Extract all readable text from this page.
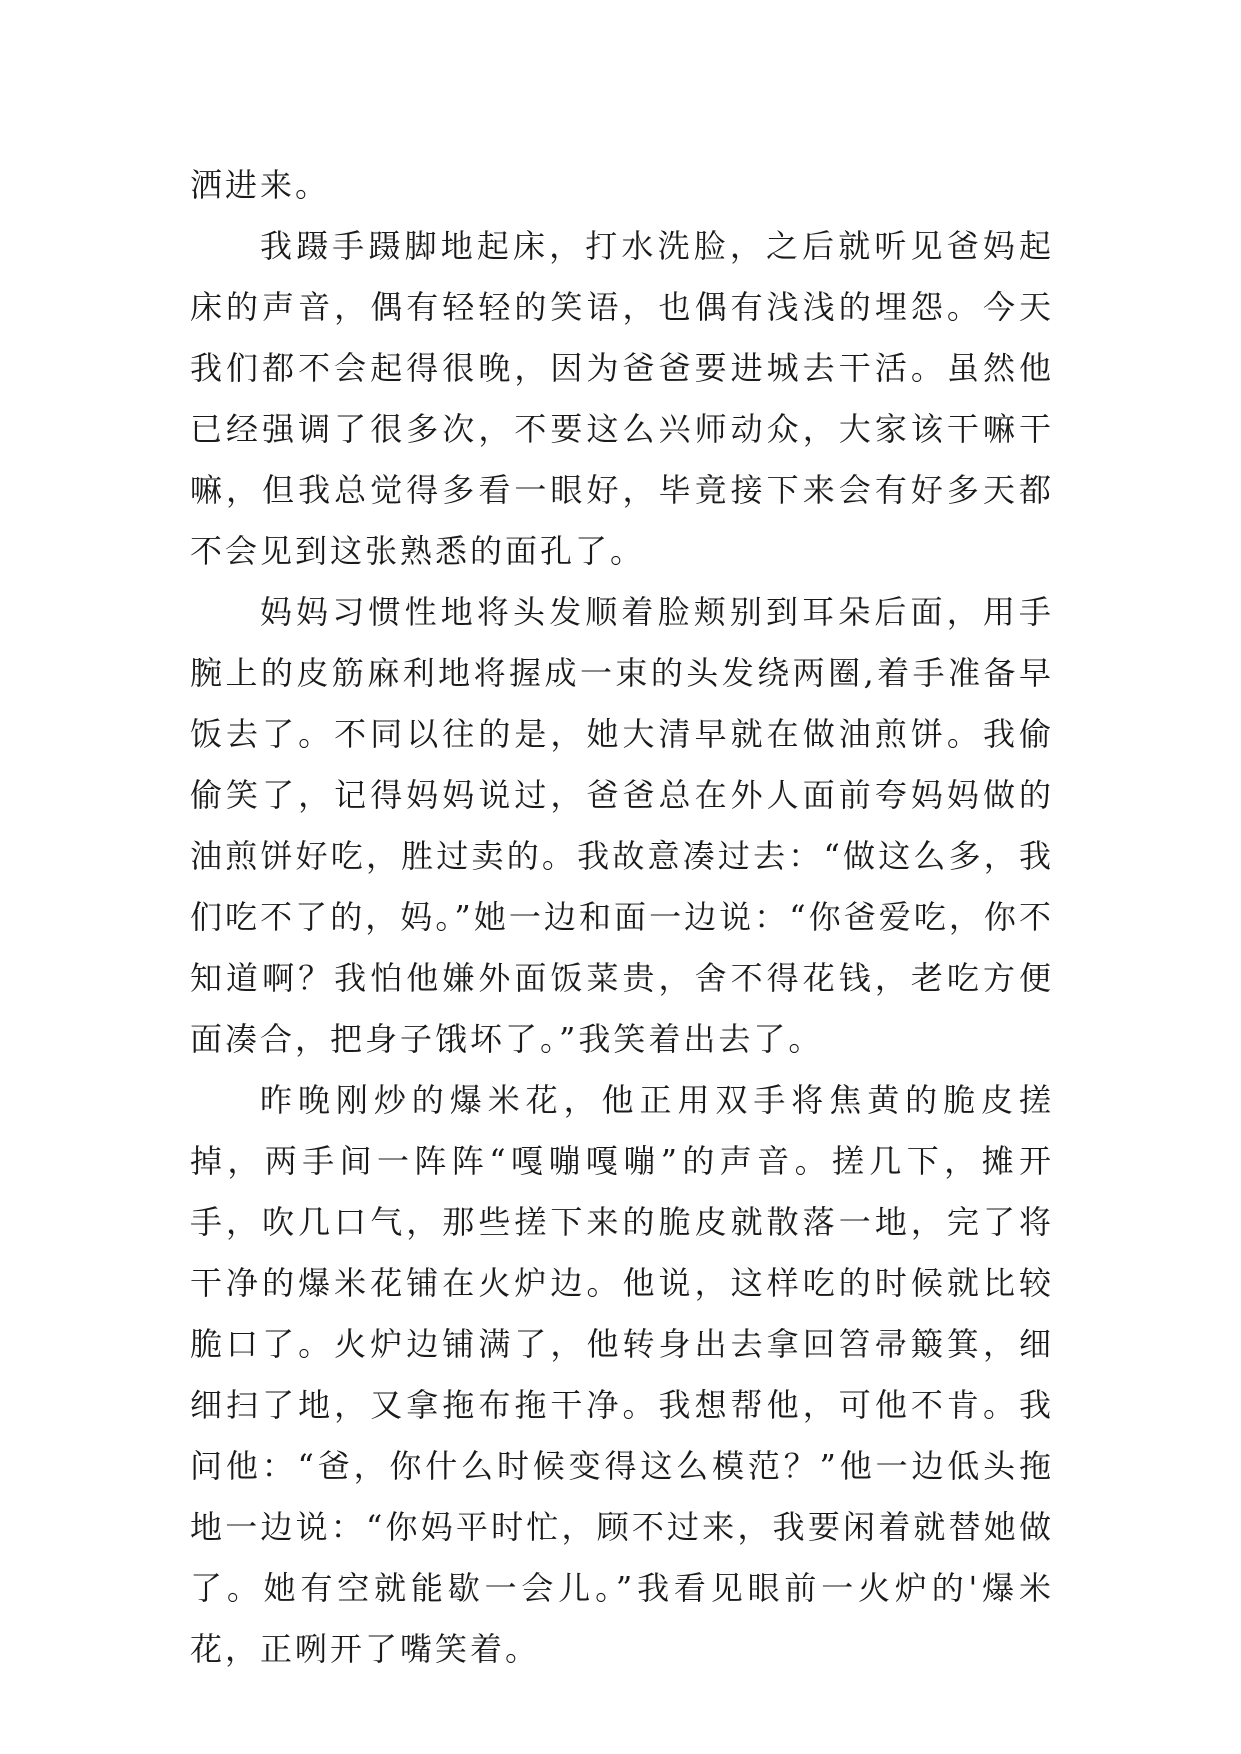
洒进来。

我蹑手蹑脚地起床，打水洗脸，之后就听见爸妈起床的声音，偶有轻轻的笑语，也偶有浅浅的埋怨。今天我们都不会起得很晚，因为爸爸要进城去干活。虽然他已经强调了很多次，不要这么兴师动众，大家该干嘛干嘛，但我总觉得多看一眼好，毕竟接下来会有好多天都不会见到这张熟悉的面孔了。

妈妈习惯性地将头发顺着脸颊别到耳朵后面，用手腕上的皮筋麻利地将握成一束的头发绕两圈,着手准备早饭去了。不同以往的是，她大清早就在做油煎饼。我偷偷笑了，记得妈妈说过，爸爸总在外人面前夸妈妈做的油煎饼好吃，胜过卖的。我故意凑过去：“做这么多，我们吃不了的，妈。”她一边和面一边说：“你爸爱吃，你不知道啊？我怕他嫌外面饭菜贵，舍不得花钱，老吃方便面凑合，把身子饿坏了。”我笑着出去了。

昨晚刚炒的爆米花，他正用双手将焦黄的脆皮搓掉，两手间一阵阵“嘎嘣嘎嘣”的声音。搓几下，摊开手，吹几口气，那些搓下来的脆皮就散落一地，完了将干净的爆米花铺在火炉边。他说，这样吃的时候就比较脆口了。火炉边铺满了，他转身出去拿回笤帚簸箕，细细扫了地，又拿拖布拖干净。我想帮他，可他不肯。我问他：“爸，你什么时候变得这么模范？”他一边低头拖地一边说：“你妈平时忙，顾不过来，我要闲着就替她做了。她有空就能歇一会儿。”我看见眼前一火炉的'爆米花，正咧开了嘴笑着。
